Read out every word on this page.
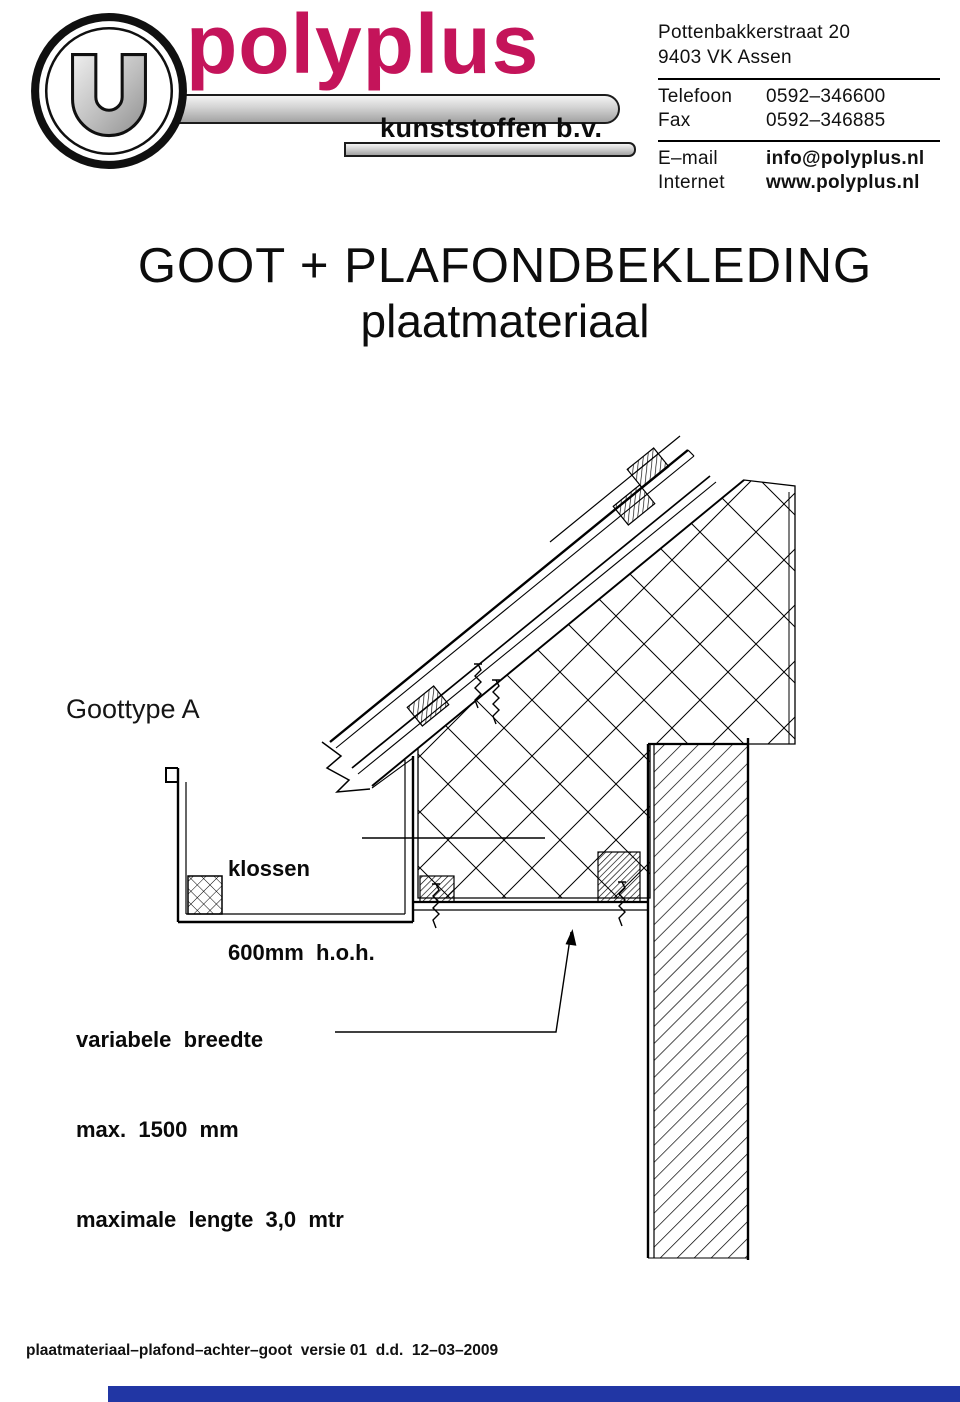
polyplus
kunststoffen b.v.
Pottenbakkerstraat 20
9403 VK Assen
Telefoon	0592–346600
Fax	0592–346885
E–mail	info@polyplus.nl
Internet	www.polyplus.nl
GOOT + PLAFONDBEKLEDING
plaatmateriaal
Goottype A

klossen

600mm  h.o.h.

variabele  breedte

max.  1500  mm

maximale  lengte  3,0  mtr

plaatmateriaal–plafond–achter–goot  versie 01  d.d.  12–03–2009
